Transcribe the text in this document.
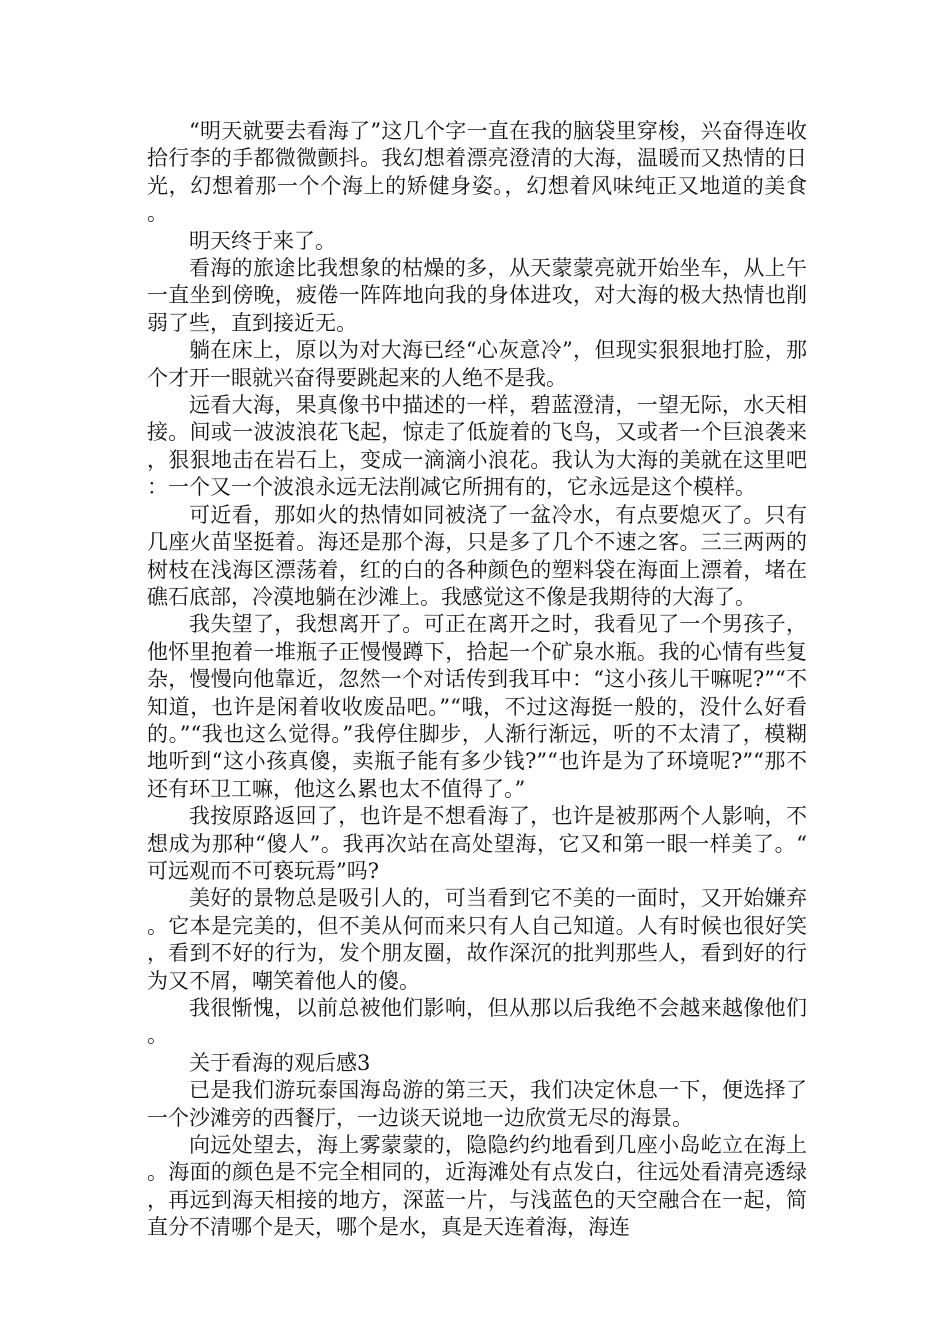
“明天就要去看海了”这几个字一直在我的脑袋里穿梭，兴奋得连收拾行李的手都微微颤抖。我幻想着漂亮澄清的大海，温暖而又热情的日光，幻想着那一个个海上的矫健身姿。，幻想着风味纯正又地道的美食。

明天终于来了。

看海的旅途比我想象的枯燥的多，从天蒙蒙亮就开始坐车，从上午一直坐到傍晚，疲倦一阵阵地向我的身体进攻，对大海的极大热情也削弱了些，直到接近无。

躺在床上，原以为对大海已经“心灰意冷”，但现实狠狠地打脸，那个才开一眼就兴奋得要跳起来的人绝不是我。

远看大海，果真像书中描述的一样，碧蓝澄清，一望无际，水天相接。间或一波波浪花飞起，惊走了低旋着的飞鸟，又或者一个巨浪袭来，狠狠地击在岩石上，变成一滴滴小浪花。我认为大海的美就在这里吧：一个又一个波浪永远无法削减它所拥有的，它永远是这个模样。

可近看，那如火的热情如同被浇了一盆冷水，有点要熄灭了。只有几座火苗坚挺着。海还是那个海，只是多了几个不速之客。三三两两的树枝在浅海区漂荡着，红的白的各种颜色的塑料袋在海面上漂着，堵在礁石底部，冷漠地躺在沙滩上。我感觉这不像是我期待的大海了。

我失望了，我想离开了。可正在离开之时，我看见了一个男孩子，他怀里抱着一堆瓶子正慢慢蹲下，拾起一个矿泉水瓶。我的心情有些复杂，慢慢向他靠近，忽然一个对话传到我耳中：“这小孩儿干嘛呢?”“不知道，也许是闲着收收废品吧。”“哦，不过这海挺一般的，没什么好看的。”“我也这么觉得。”我停住脚步，人渐行渐远，听的不太清了，模糊地听到“这小孩真傻，卖瓶子能有多少钱?”“也许是为了环境呢?”“那不还有环卫工嘛，他这么累也太不值得了。”

我按原路返回了，也许是不想看海了，也许是被那两个人影响，不想成为那种“傻人”。我再次站在高处望海，它又和第一眼一样美了。“可远观而不可亵玩焉”吗?

美好的景物总是吸引人的，可当看到它不美的一面时，又开始嫌弃。它本是完美的，但不美从何而来只有人自己知道。人有时候也很好笑，看到不好的行为，发个朋友圈，故作深沉的批判那些人，看到好的行为又不屑，嘲笑着他人的傻。

我很惭愧，以前总被他们影响，但从那以后我绝不会越来越像他们。

关于看海的观后感3

已是我们游玩泰国海岛游的第三天，我们决定休息一下，便选择了一个沙滩旁的西餐厅，一边谈天说地一边欣赏无尽的海景。

向远处望去，海上雾蒙蒙的，隐隐约约地看到几座小岛屹立在海上。海面的颜色是不完全相同的，近海滩处有点发白，往远处看清亮透绿，再远到海天相接的地方，深蓝一片，与浅蓝色的天空融合在一起，简直分不清哪个是天，哪个是水，真是天连着海，海连
